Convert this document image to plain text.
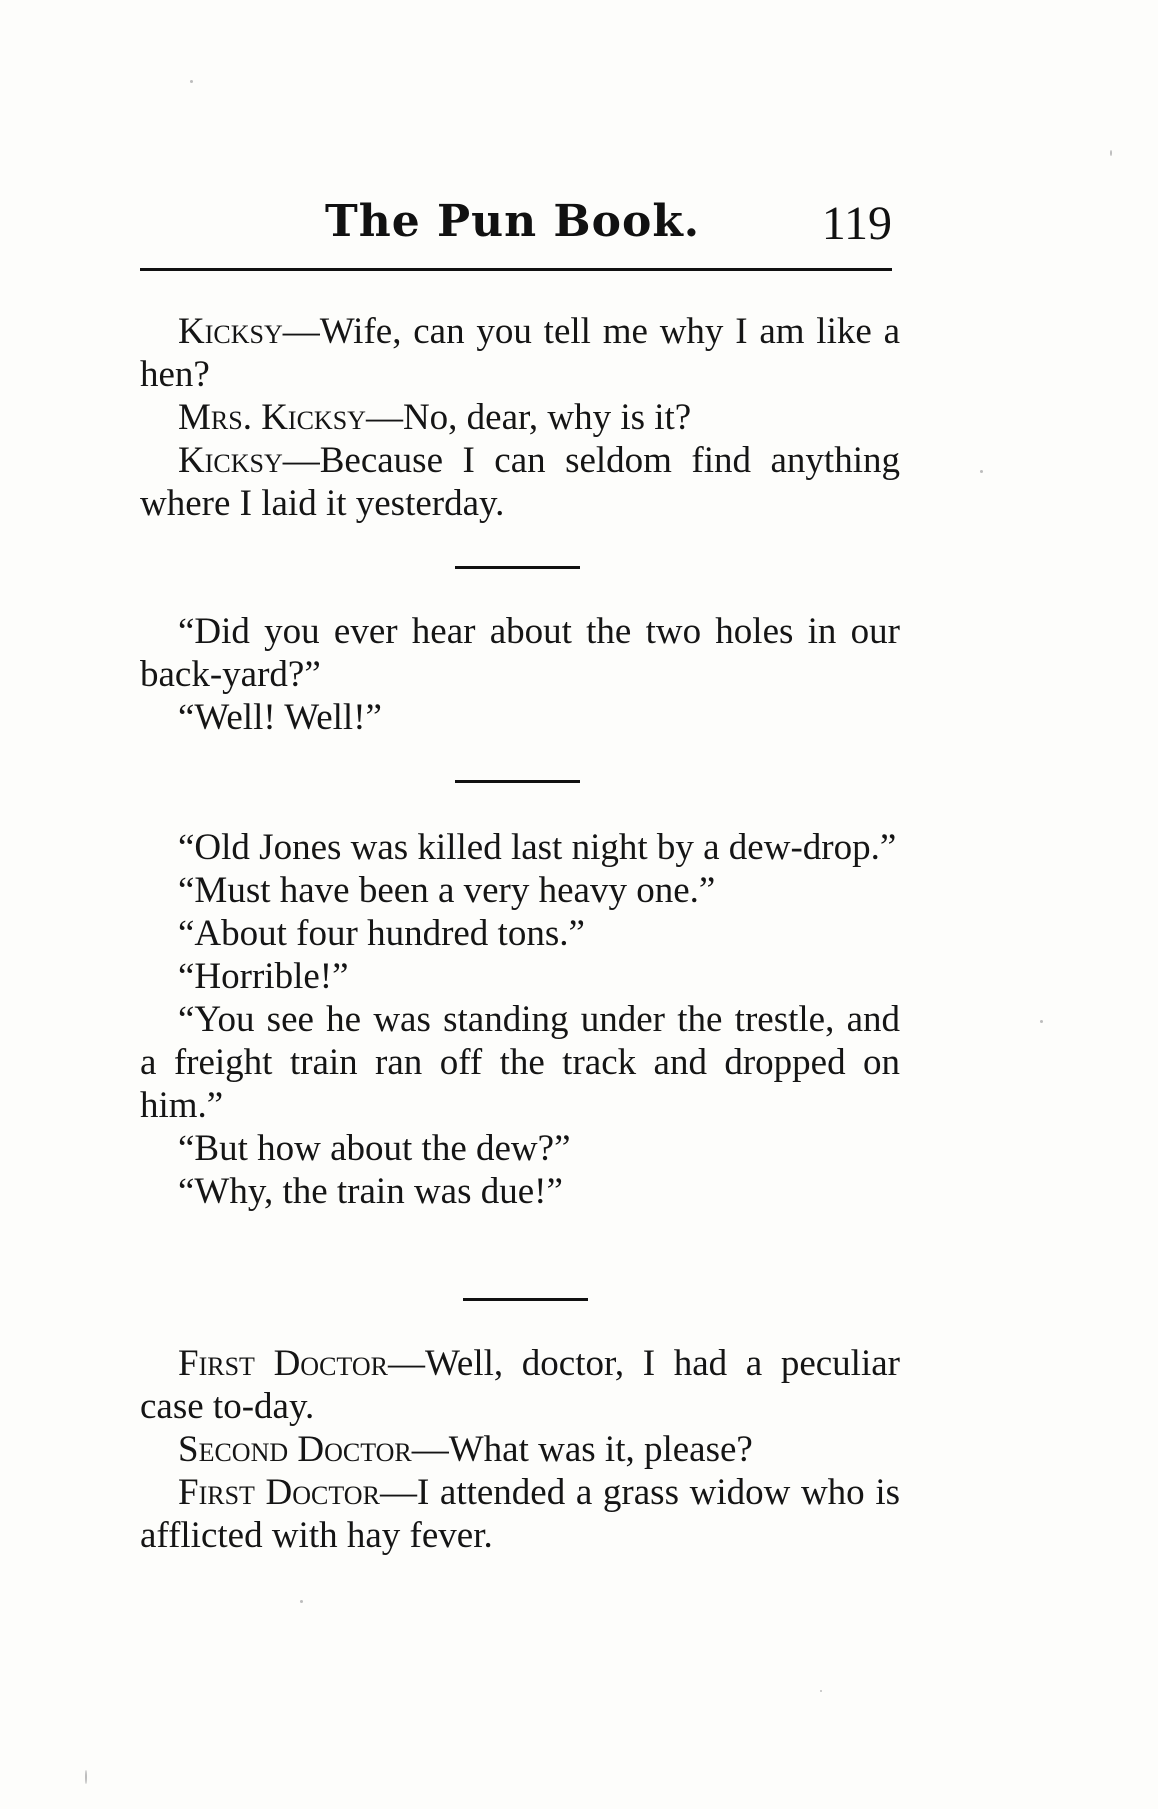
The Pun Book.	119

Kicksy—Wife, can you tell me why I am like a hen?

Mrs. Kicksy—No, dear, why is it?

Kicksy—Because I can seldom find anything where I laid it yesterday.

“Did you ever hear about the two holes in our back-yard?”

“Well! Well!”

“Old Jones was killed last night by a dew-drop.”

“Must have been a very heavy one.”

“About four hundred tons.”

“Horrible!”

“You see he was standing under the trestle, and a freight train ran off the track and dropped on him.”

“But how about the dew?”

“Why, the train was due!”

First Doctor—Well, doctor, I had a peculiar case to-day.

Second Doctor—What was it, please?

First Doctor—I attended a grass widow who is afflicted with hay fever.
